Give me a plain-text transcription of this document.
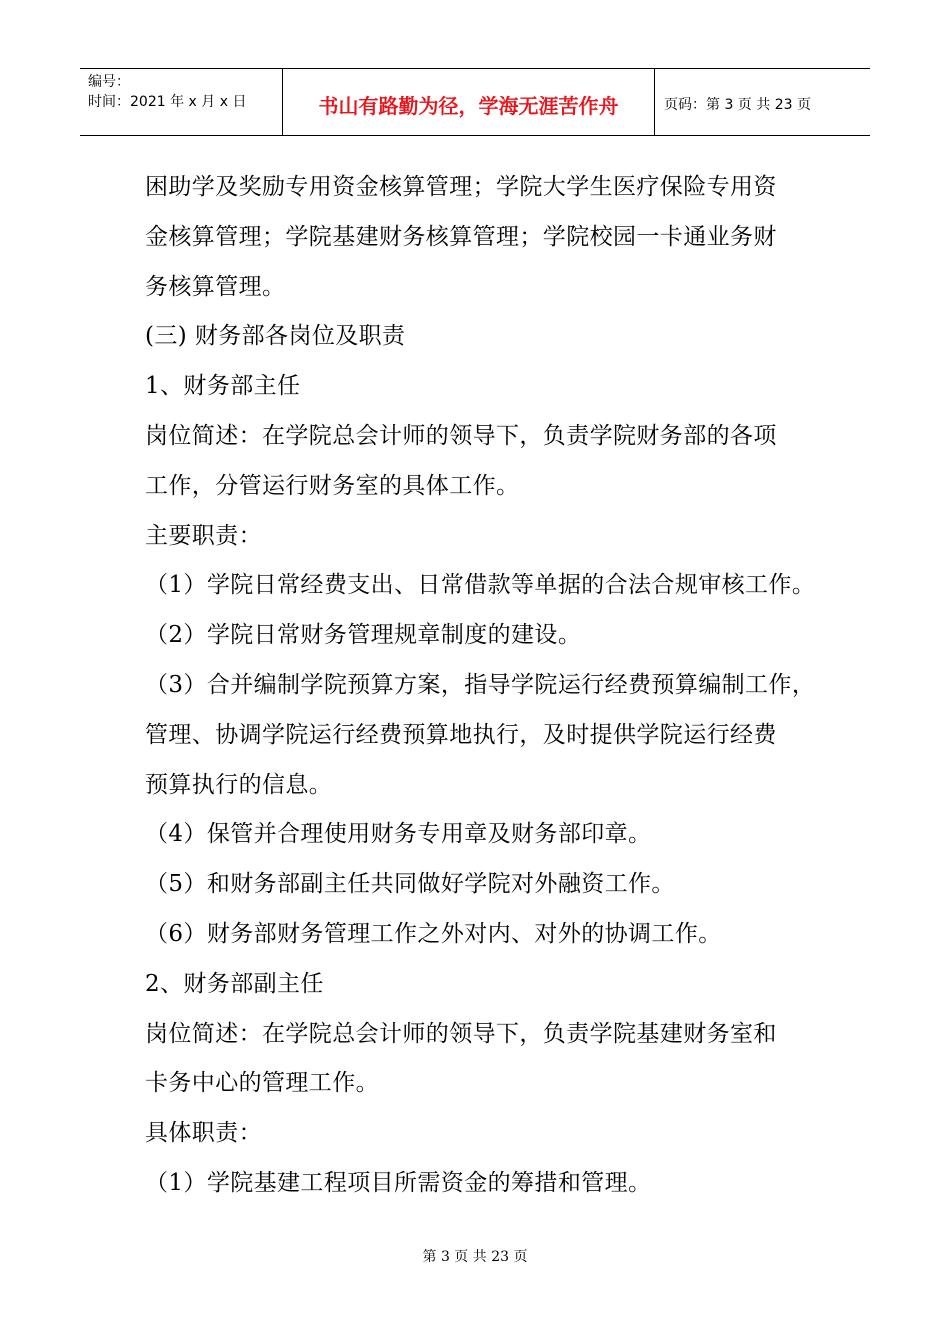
编号：
时间：2021 年 x 月 x 日	书山有路勤为径，学海无涯苦作舟	页码：第 3 页 共 23 页
困助学及奖励专用资金核算管理；学院大学生医疗保险专用资
金核算管理；学院基建财务核算管理；学院校园一卡通业务财
务核算管理。
(三) 财务部各岗位及职责
1、财务部主任
岗位简述：在学院总会计师的领导下，负责学院财务部的各项
工作，分管运行财务室的具体工作。
主要职责：
（1）学院日常经费支出、日常借款等单据的合法合规审核工作。
（2）学院日常财务管理规章制度的建设。
（3）合并编制学院预算方案，指导学院运行经费预算编制工作，
管理、协调学院运行经费预算地执行，及时提供学院运行经费
预算执行的信息。
（4）保管并合理使用财务专用章及财务部印章。
（5）和财务部副主任共同做好学院对外融资工作。
（6）财务部财务管理工作之外对内、对外的协调工作。
2、财务部副主任
岗位简述：在学院总会计师的领导下，负责学院基建财务室和
卡务中心的管理工作。
具体职责：
（1）学院基建工程项目所需资金的筹措和管理。
第 3 页 共 23 页
